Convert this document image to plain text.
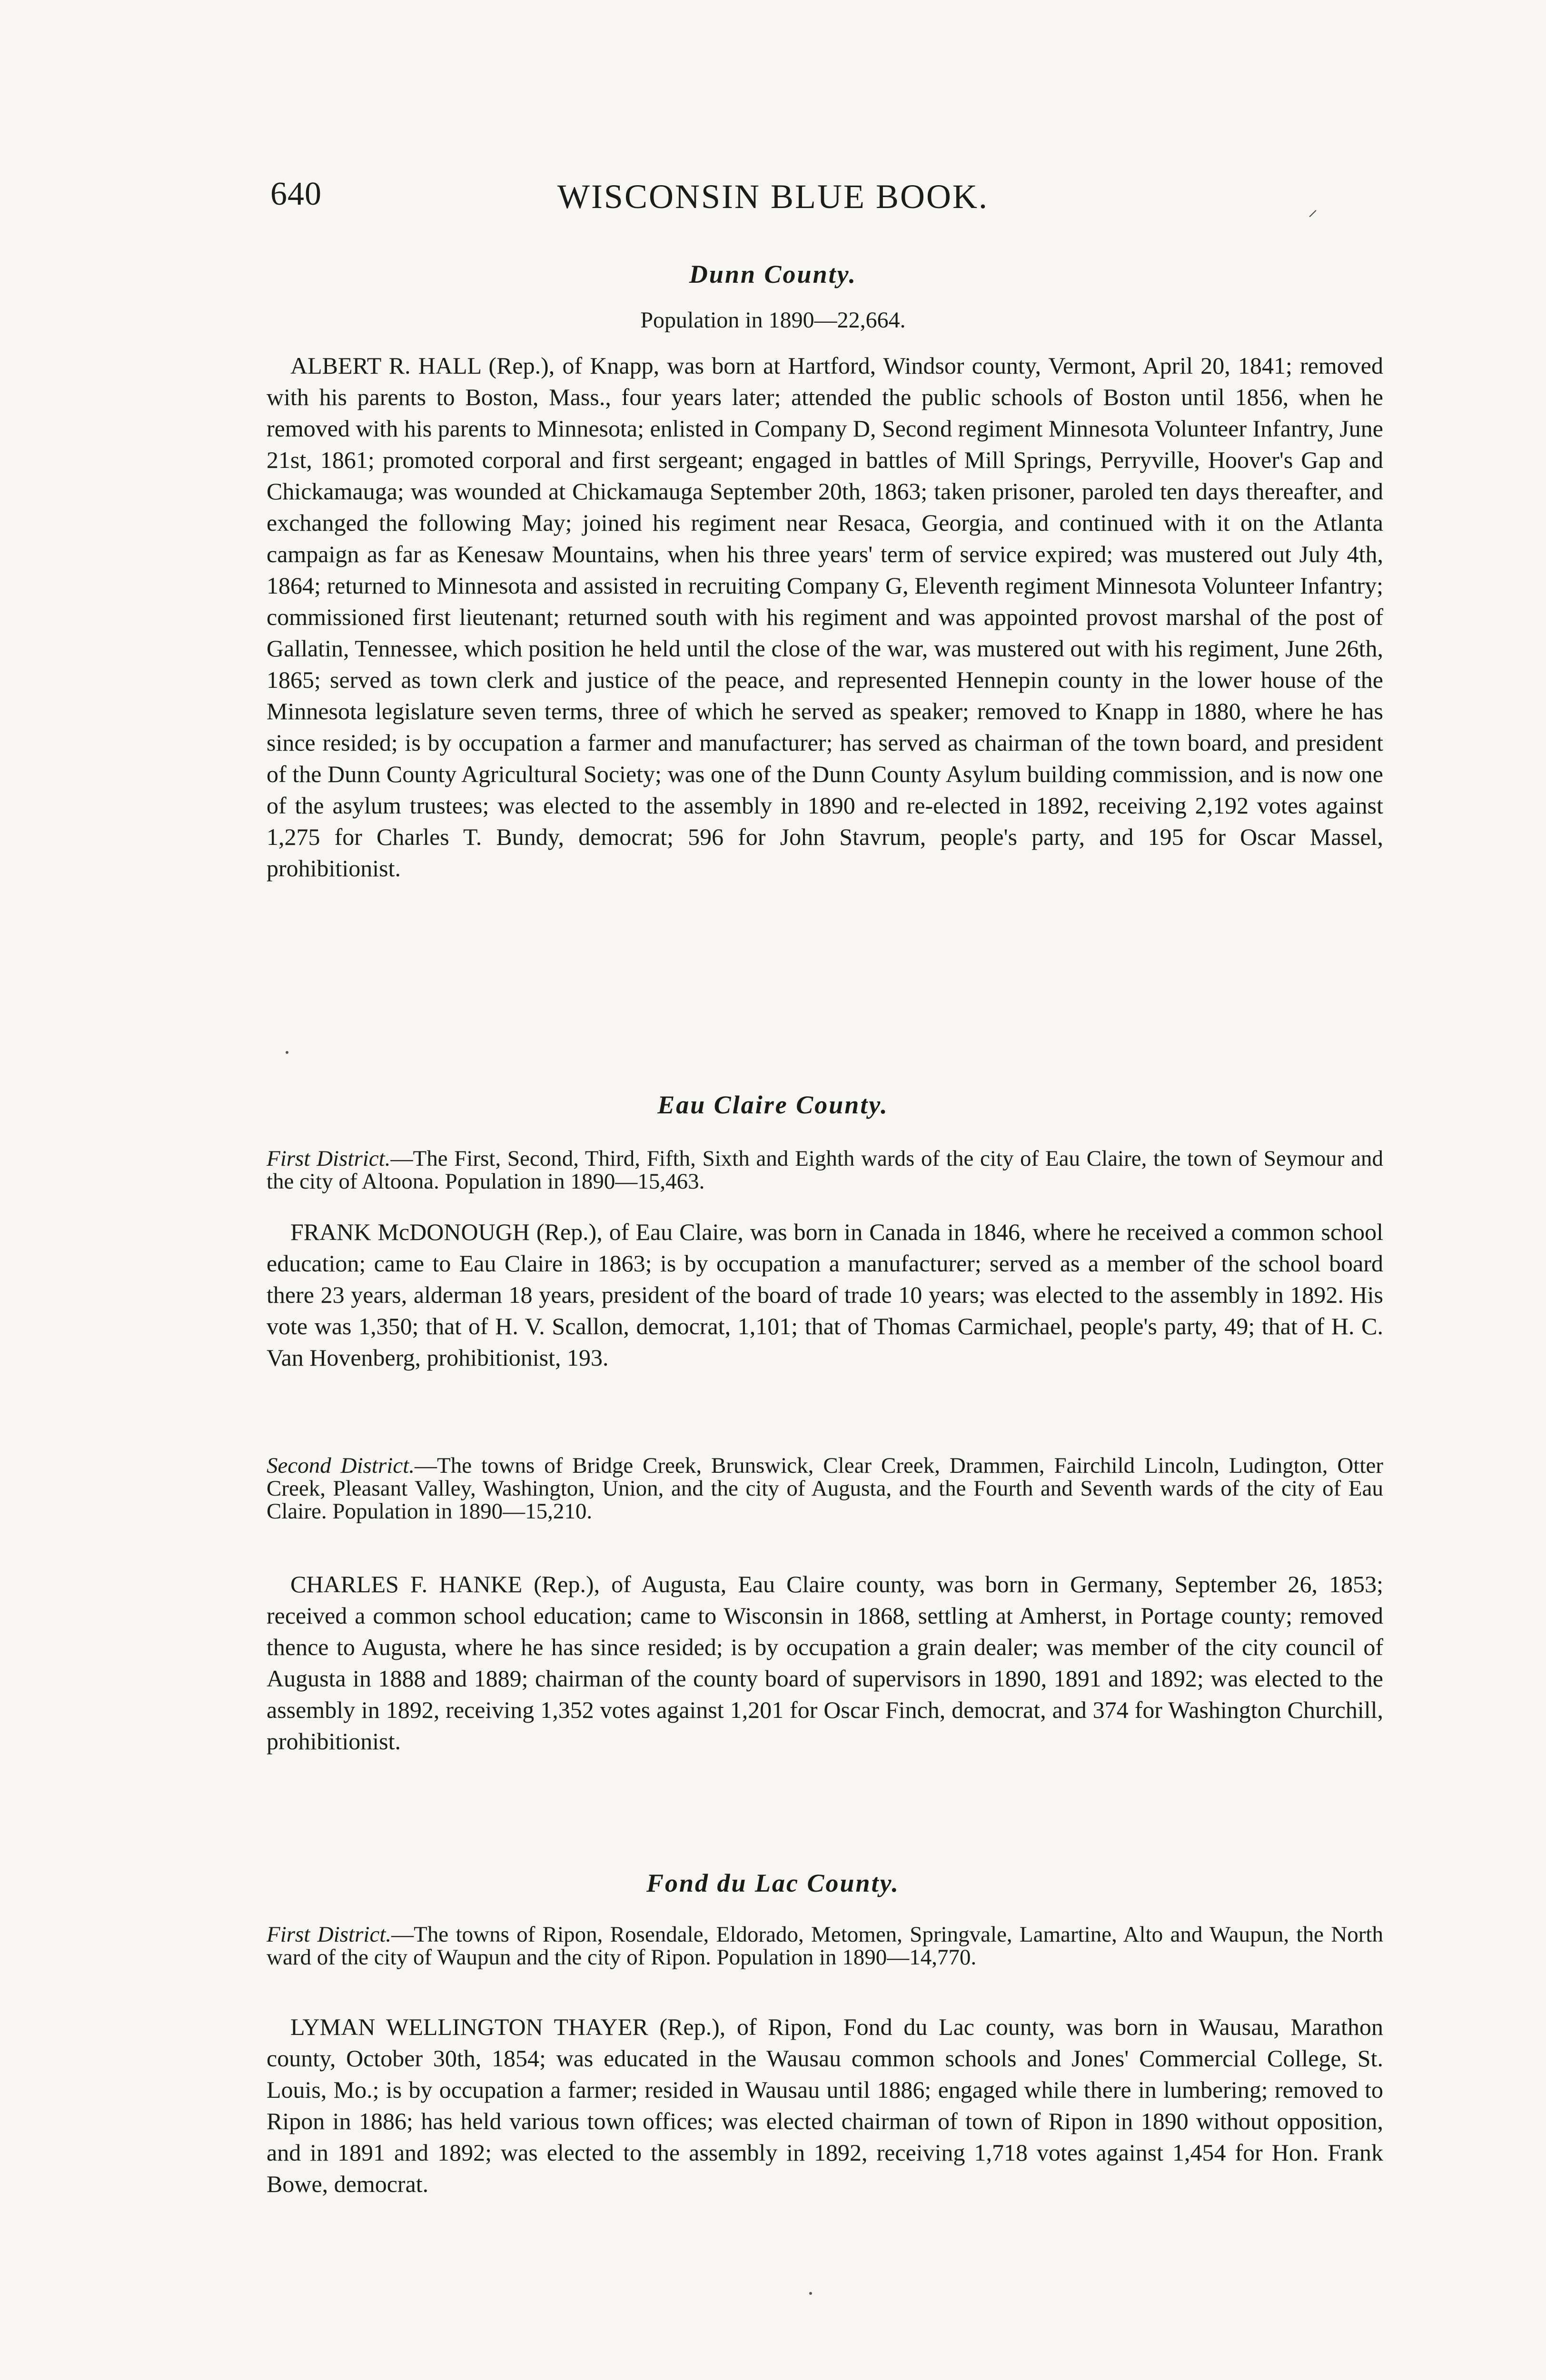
640	WISCONSIN BLUE BOOK.	⸝
Dunn County.
Population in 1890—22,664.
ALBERT R. HALL (Rep.), of Knapp, was born at Hartford, Windsor county, Vermont, April 20, 1841; removed with his parents to Boston, Mass., four years later; attended the public schools of Boston until 1856, when he removed with his parents to Minnesota; enlisted in Company D, Second regiment Minnesota Volunteer Infantry, June 21st, 1861; promoted corporal and first sergeant; engaged in battles of Mill Springs, Perryville, Hoover's Gap and Chickamauga; was wounded at Chickamauga September 20th, 1863; taken prisoner, paroled ten days thereafter, and exchanged the following May; joined his regiment near Resaca, Georgia, and continued with it on the Atlanta campaign as far as Kenesaw Mountains, when his three years' term of service expired; was mustered out July 4th, 1864; returned to Minnesota and assisted in recruiting Company G, Eleventh regiment Minnesota Volunteer Infantry; commissioned first lieutenant; returned south with his regiment and was appointed provost marshal of the post of Gallatin, Tennessee, which position he held until the close of the war, was mustered out with his regiment, June 26th, 1865; served as town clerk and justice of the peace, and represented Hennepin county in the lower house of the Minnesota legislature seven terms, three of which he served as speaker; removed to Knapp in 1880, where he has since resided; is by occupation a farmer and manufacturer; has served as chairman of the town board, and president of the Dunn County Agricultural Society; was one of the Dunn County Asylum building commission, and is now one of the asylum trustees; was elected to the assembly in 1890 and re-elected in 1892, receiving 2,192 votes against 1,275 for Charles T. Bundy, democrat; 596 for John Stavrum, people's party, and 195 for Oscar Massel, prohibitionist.
Eau Claire County.
First District.—The First, Second, Third, Fifth, Sixth and Eighth wards of the city of Eau Claire, the town of Seymour and the city of Altoona. Population in 1890—15,463.
FRANK McDONOUGH (Rep.), of Eau Claire, was born in Canada in 1846, where he received a common school education; came to Eau Claire in 1863; is by occupation a manufacturer; served as a member of the school board there 23 years, alderman 18 years, president of the board of trade 10 years; was elected to the assembly in 1892. His vote was 1,350; that of H. V. Scallon, democrat, 1,101; that of Thomas Carmichael, people's party, 49; that of H. C. Van Hovenberg, prohibitionist, 193.
Second District.—The towns of Bridge Creek, Brunswick, Clear Creek, Drammen, Fairchild Lincoln, Ludington, Otter Creek, Pleasant Valley, Washington, Union, and the city of Augusta, and the Fourth and Seventh wards of the city of Eau Claire. Population in 1890—15,210.
CHARLES F. HANKE (Rep.), of Augusta, Eau Claire county, was born in Germany, September 26, 1853; received a common school education; came to Wisconsin in 1868, settling at Amherst, in Portage county; removed thence to Augusta, where he has since resided; is by occupation a grain dealer; was member of the city council of Augusta in 1888 and 1889; chairman of the county board of supervisors in 1890, 1891 and 1892; was elected to the assembly in 1892, receiving 1,352 votes against 1,201 for Oscar Finch, democrat, and 374 for Washington Churchill, prohibitionist.
Fond du Lac County.
First District.—The towns of Ripon, Rosendale, Eldorado, Metomen, Springvale, Lamartine, Alto and Waupun, the North ward of the city of Waupun and the city of Ripon. Population in 1890—14,770.
LYMAN WELLINGTON THAYER (Rep.), of Ripon, Fond du Lac county, was born in Wausau, Marathon county, October 30th, 1854; was educated in the Wausau common schools and Jones' Commercial College, St. Louis, Mo.; is by occupation a farmer; resided in Wausau until 1886; engaged while there in lumbering; removed to Ripon in 1886; has held various town offices; was elected chairman of town of Ripon in 1890 without opposition, and in 1891 and 1892; was elected to the assembly in 1892, receiving 1,718 votes against 1,454 for Hon. Frank Bowe, democrat.
